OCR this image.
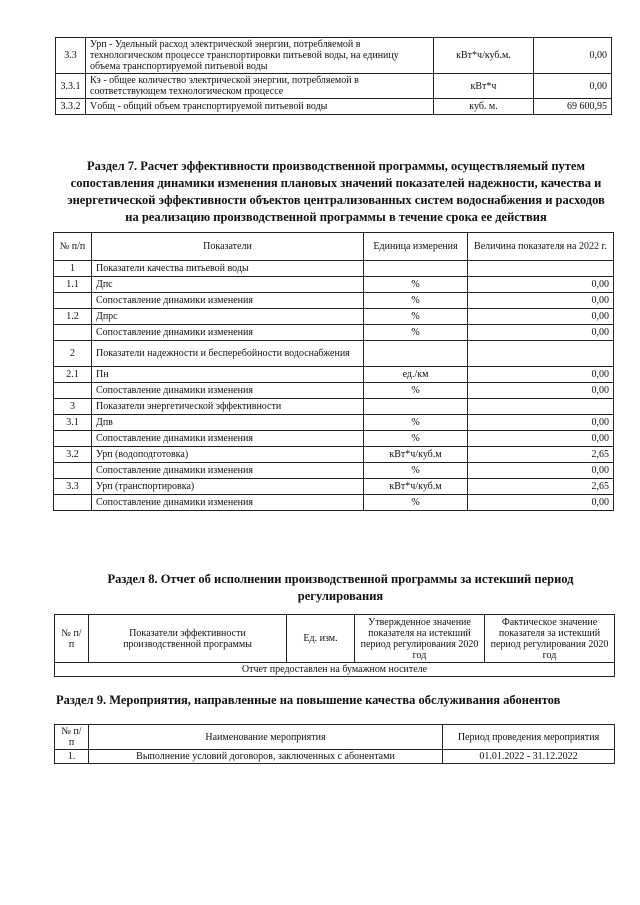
3.3	Урп - Удельный расход электрической энергии, потребляемой в технологическом процессе транспортировки питьевой воды, на единицу объема транспортируемой питьевой воды	кВт*ч/куб.м.	0,00
3.3.1	Кэ - общее количество электрической энергии, потребляемой в соответствующем технологическом процессе	кВт*ч	0,00
3.3.2	Vобщ - общий объем транспортируемой питьевой воды	куб. м.	69 600,95
Раздел 7. Расчет эффективности производственной программы, осуществляемый путем сопоставления динамики изменения плановых значений показателей надежности, качества и энергетической эффективности объектов централизованных систем водоснабжения и расходов на реализацию производственной программы в течение срока ее действия
№ п/п	Показатели	Единица измерения	Величина показателя на 2022 г.
1	Показатели качества питьевой воды		
1.1	Дпс	%	0,00
	Сопоставление динамики изменения	%	0,00
1.2	Дпрс	%	0,00
	Сопоставление динамики изменения	%	0,00
2	Показатели надежности и бесперебойности водоснабжения		
2.1	Пн	ед./км	0,00
	Сопоставление динамики изменения	%	0,00
3	Показатели энергетической эффективности		
3.1	Дпв	%	0,00
	Сопоставление динамики изменения	%	0,00
3.2	Урп (водоподготовка)	кВт*ч/куб.м	2,65
	Сопоставление динамики изменения	%	0,00
3.3	Урп (транспортировка)	кВт*ч/куб.м	2,65
	Сопоставление динамики изменения	%	0,00
Раздел 8. Отчет об исполнении производственной программы за истекший период регулирования
№ п/п	Показатели эффективности производственной программы	Ед. изм.	Утвержденное значение показателя на истекший период регулирования 2020 год	Фактическое значение показателя за истекший период регулирования 2020 год
Отчет предоставлен на бумажном носителе
Раздел 9. Мероприятия, направленные на повышение качества обслуживания абонентов
№ п/п	Наименование мероприятия	Период проведения мероприятия
1.	Выполнение условий договоров, заключенных с абонентами	01.01.2022 - 31.12.2022
